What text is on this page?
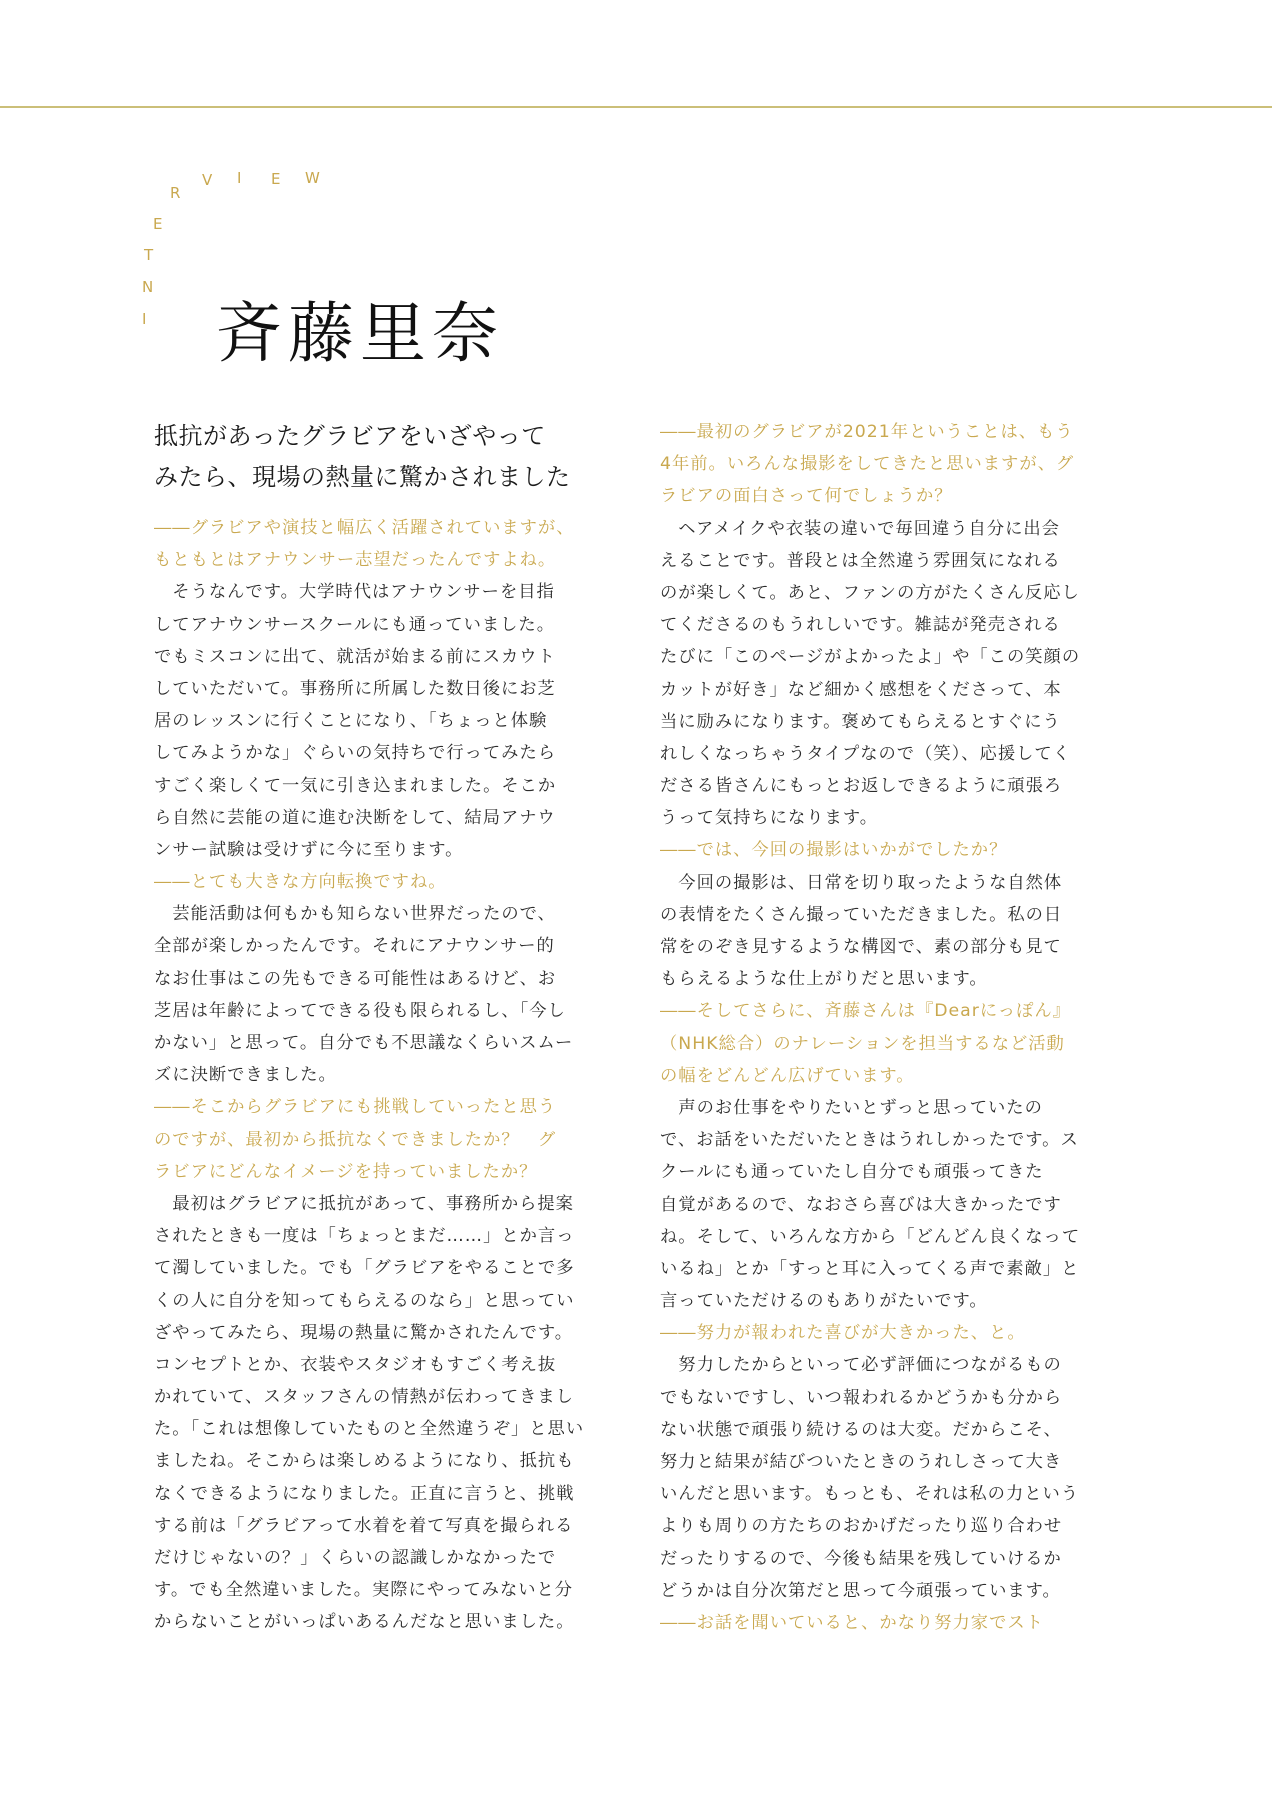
I
N
T
E
R
V I E W
斉藤里奈
抵抗があったグラビアをいざやって
みたら、現場の熱量に驚かされました
――グラビアや演技と幅広く活躍されていますが、
もともとはアナウンサー志望だったんですよね。
　そうなんです。大学時代はアナウンサーを目指
してアナウンサースクールにも通っていました。
でもミスコンに出て、就活が始まる前にスカウト
していただいて。事務所に所属した数日後にお芝
居のレッスンに行くことになり、「ちょっと体験
してみようかな」ぐらいの気持ちで行ってみたら
すごく楽しくて一気に引き込まれました。そこか
ら自然に芸能の道に進む決断をして、結局アナウ
ンサー試験は受けずに今に至ります。
――とても大きな方向転換ですね。
　芸能活動は何もかも知らない世界だったので、
全部が楽しかったんです。それにアナウンサー的
なお仕事はこの先もできる可能性はあるけど、お
芝居は年齢によってできる役も限られるし、「今し
かない」と思って。自分でも不思議なくらいスムー
ズに決断できました。
――そこからグラビアにも挑戦していったと思う
のですが、最初から抵抗なくできましたか？　グ
ラビアにどんなイメージを持っていましたか？
　最初はグラビアに抵抗があって、事務所から提案
されたときも一度は「ちょっとまだ……」とか言っ
て濁していました。でも「グラビアをやることで多
くの人に自分を知ってもらえるのなら」と思ってい
ざやってみたら、現場の熱量に驚かされたんです。
コンセプトとか、衣装やスタジオもすごく考え抜
かれていて、スタッフさんの情熱が伝わってきまし
た。「これは想像していたものと全然違うぞ」と思い
ましたね。そこからは楽しめるようになり、抵抗も
なくできるようになりました。正直に言うと、挑戦
する前は「グラビアって水着を着て写真を撮られる
だけじゃないの？」くらいの認識しかなかったで
す。でも全然違いました。実際にやってみないと分
からないことがいっぱいあるんだなと思いました。
――最初のグラビアが2021年ということは、もう
4年前。いろんな撮影をしてきたと思いますが、グ
ラビアの面白さって何でしょうか？
　ヘアメイクや衣装の違いで毎回違う自分に出会
えることです。普段とは全然違う雰囲気になれる
のが楽しくて。あと、ファンの方がたくさん反応し
てくださるのもうれしいです。雑誌が発売される
たびに「このページがよかったよ」や「この笑顔の
カットが好き」など細かく感想をくださって、本
当に励みになります。褒めてもらえるとすぐにう
れしくなっちゃうタイプなので（笑）、応援してく
ださる皆さんにもっとお返しできるように頑張ろ
うって気持ちになります。
――では、今回の撮影はいかがでしたか？
　今回の撮影は、日常を切り取ったような自然体
の表情をたくさん撮っていただきました。私の日
常をのぞき見するような構図で、素の部分も見て
もらえるような仕上がりだと思います。
――そしてさらに、斉藤さんは『Dearにっぽん』
（NHK総合）のナレーションを担当するなど活動
の幅をどんどん広げています。
　声のお仕事をやりたいとずっと思っていたの
で、お話をいただいたときはうれしかったです。ス
クールにも通っていたし自分でも頑張ってきた
自覚があるので、なおさら喜びは大きかったです
ね。そして、いろんな方から「どんどん良くなって
いるね」とか「すっと耳に入ってくる声で素敵」と
言っていただけるのもありがたいです。
――努力が報われた喜びが大きかった、と。
　努力したからといって必ず評価につながるもの
でもないですし、いつ報われるかどうかも分から
ない状態で頑張り続けるのは大変。だからこそ、
努力と結果が結びついたときのうれしさって大き
いんだと思います。もっとも、それは私の力という
よりも周りの方たちのおかげだったり巡り合わせ
だったりするので、今後も結果を残していけるか
どうかは自分次第だと思って今頑張っています。
――お話を聞いていると、かなり努力家でスト
